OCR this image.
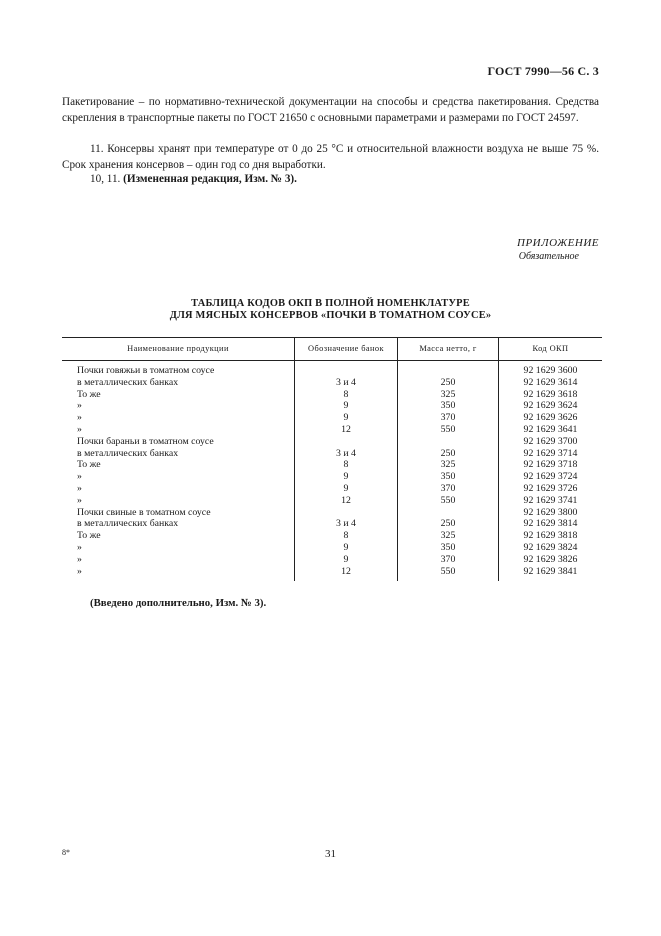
ГОСТ 7990—56 С. 3

Пакетирование – по нормативно-технической документации на способы и средства пакетирования. Средства скрепления в транспортные пакеты по ГОСТ 21650 с основными параметрами и размерами по ГОСТ 24597.

11. Консервы хранят при температуре от 0 до 25 °С и относительной влажности воздуха не выше 75 %. Срок хранения консервов – один год со дня выработки.

10, 11. (Измененная редакция, Изм. № 3).

ПРИЛОЖЕНИЕ
Обязательное
ТАБЛИЦА КОДОВ ОКП В ПОЛНОЙ НОМЕНКЛАТУРЕ
ДЛЯ МЯСНЫХ КОНСЕРВОВ «ПОЧКИ В ТОМАТНОМ СОУСЕ»
Наименование продукции	Обозначение банок	Масса нетто, г	Код ОКП
Почки говяжьи в томатном соусе			92 1629 3600
в металлических банках	3 и 4	250	92 1629 3614
То же	8	325	92 1629 3618
»	9	350	92 1629 3624
»	9	370	92 1629 3626
»	12	550	92 1629 3641
Почки бараньи в томатном соусе			92 1629 3700
в металлических банках	3 и 4	250	92 1629 3714
То же	8	325	92 1629 3718
»	9	350	92 1629 3724
»	9	370	92 1629 3726
»	12	550	92 1629 3741
Почки свиные в томатном соусе			92 1629 3800
в металлических банках	3 и 4	250	92 1629 3814
То же	8	325	92 1629 3818
»	9	350	92 1629 3824
»	9	370	92 1629 3826
»	12	550	92 1629 3841
(Введено дополнительно, Изм. № 3).
8*	31
